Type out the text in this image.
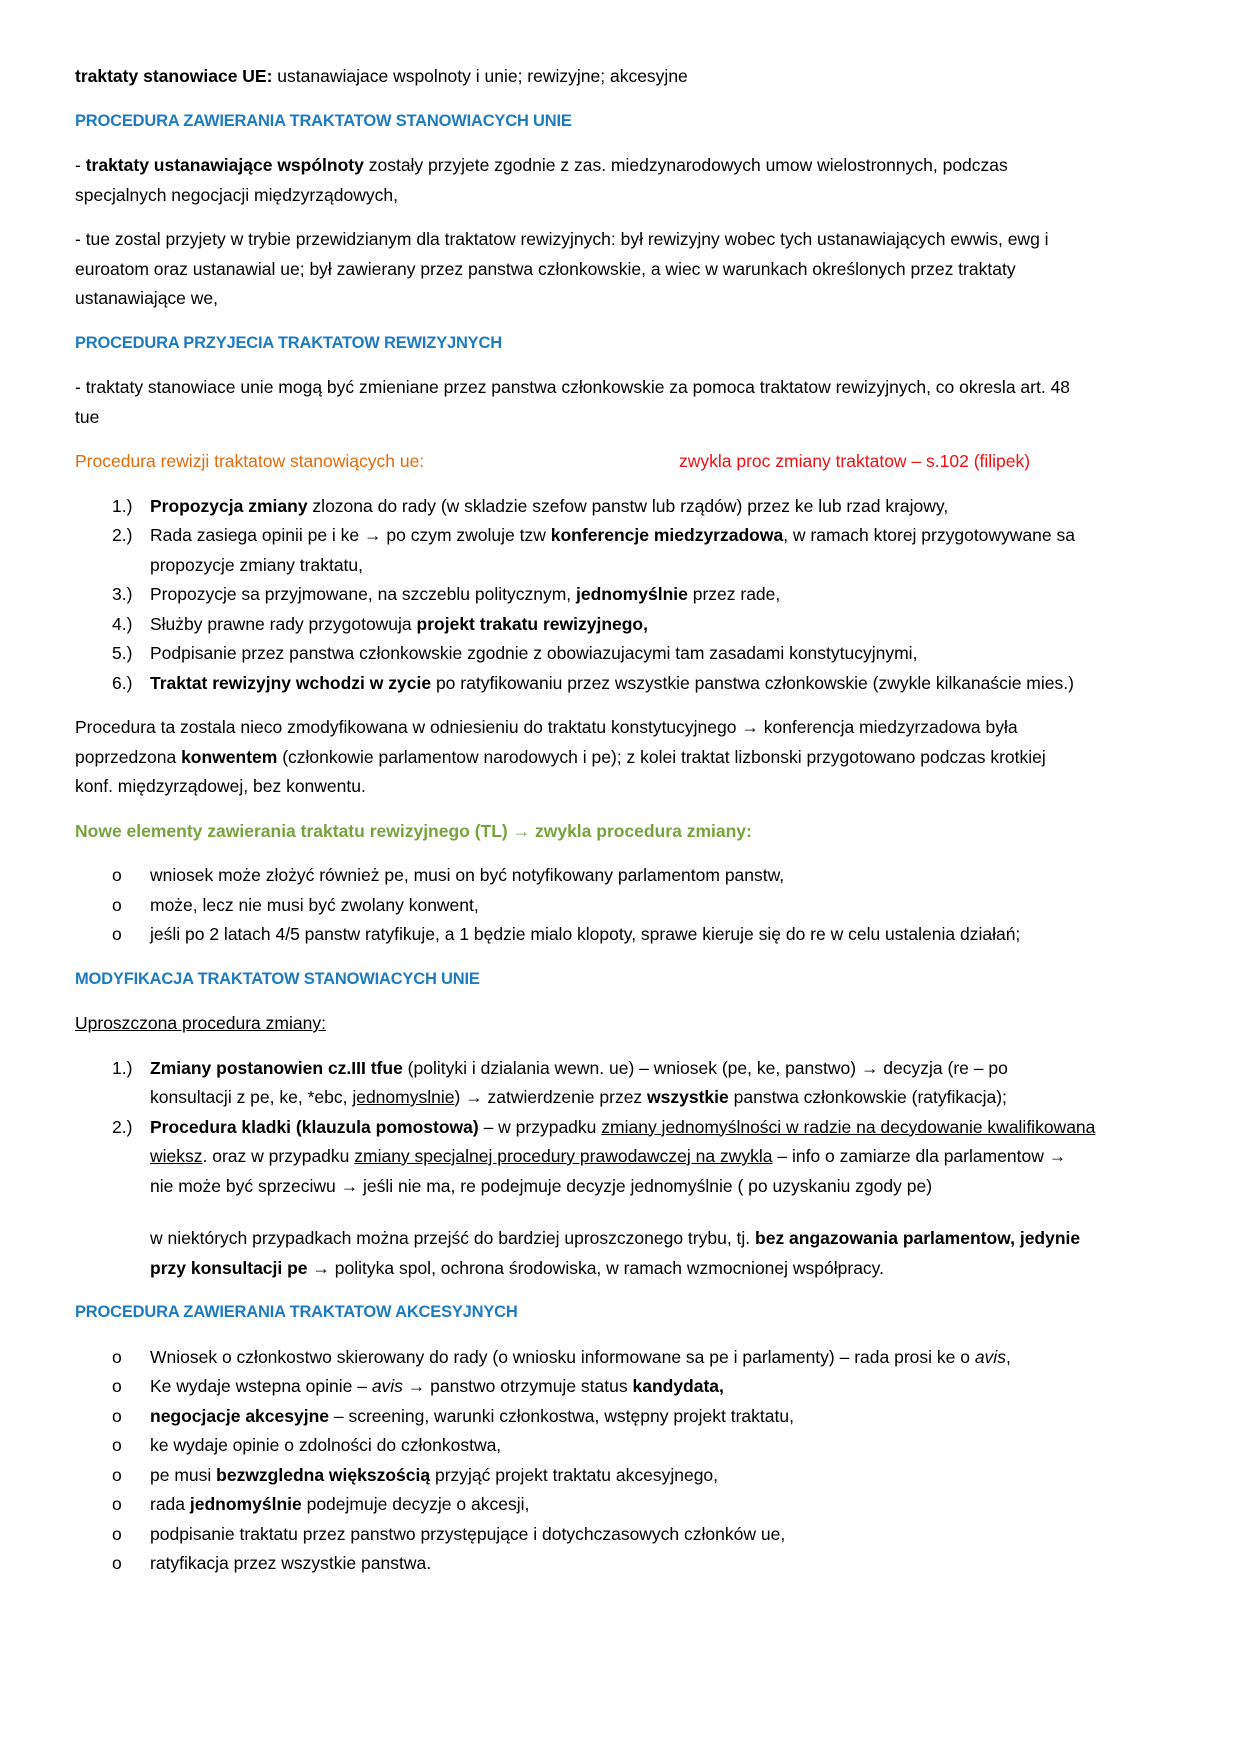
traktaty stanowiace UE: ustanawiajace wspolnoty i unie; rewizyjne; akcesyjne

PROCEDURA ZAWIERANIA TRAKTATOW STANOWIACYCH UNIE

- traktaty ustanawiające wspólnoty zostały przyjete zgodnie z zas. miedzynarodowych umow wielostronnych, podczas

specjalnych negocjacji międzyrządowych,

- tue zostal przyjety w trybie przewidzianym dla traktatow rewizyjnych: był rewizyjny wobec tych ustanawiających ewwis, ewg i

euroatom oraz ustanawial ue; był zawierany przez panstwa członkowskie, a wiec w warunkach określonych przez traktaty

ustanawiające we,

PROCEDURA PRZYJECIA TRAKTATOW REWIZYJNYCH

- traktaty stanowiace unie mogą być zmieniane przez panstwa członkowskie za pomoca traktatow rewizyjnych, co okresla art. 48

tue

Procedura rewizji traktatow stanowiących ue:	zwykla proc zmiany traktatow – s.102 (filipek)
1.)	Propozycja zmiany zlozona do rady (w skladzie szefow panstw lub rządów) przez ke lub rzad krajowy,

2.)	Rada zasiega opinii pe i ke → po czym zwoluje tzw konferencje miedzyrzadowa, w ramach ktorej przygotowywane sa

propozycje zmiany traktatu,

3.)	Propozycje sa przyjmowane, na szczeblu politycznym, jednomyślnie przez rade,

4.)	Służby prawne rady przygotowuja projekt trakatu rewizyjnego,

5.)	Podpisanie przez panstwa członkowskie zgodnie z obowiazujacymi tam zasadami konstytucyjnymi,

6.)	Traktat rewizyjny wchodzi w zycie po ratyfikowaniu przez wszystkie panstwa członkowskie (zwykle kilkanaście mies.)

Procedura ta zostala nieco zmodyfikowana w odniesieniu do traktatu konstytucyjnego → konferencja miedzyrzadowa była

poprzedzona konwentem (członkowie parlamentow narodowych i pe); z kolei traktat lizbonski przygotowano podczas krotkiej

konf. międzyrządowej, bez konwentu.

Nowe elementy zawierania traktatu rewizyjnego (TL) → zwykla procedura zmiany:

o	wniosek może złożyć również pe, musi on być notyfikowany parlamentom panstw,

o	może, lecz nie musi być zwolany konwent,

o	jeśli po 2 latach 4/5 panstw ratyfikuje, a 1 będzie mialo klopoty, sprawe kieruje się do re w celu ustalenia działań;

MODYFIKACJA TRAKTATOW STANOWIACYCH UNIE

Uproszczona procedura zmiany:

1.)	Zmiany postanowien cz.III tfue (polityki i dzialania wewn. ue) – wniosek (pe, ke, panstwo) → decyzja (re – po

konsultacji z pe, ke, *ebc, jednomyslnie) → zatwierdzenie przez wszystkie panstwa członkowskie (ratyfikacja);

2.)	Procedura kladki (klauzula pomostowa) – w przypadku zmiany jednomyślności w radzie na decydowanie kwalifikowana

wieksz. oraz w przypadku zmiany specjalnej procedury prawodawczej na zwykla – info o zamiarze dla parlamentow →

nie może być sprzeciwu → jeśli nie ma, re podejmuje decyzje jednomyślnie ( po uzyskaniu zgody pe)

w niektórych przypadkach można przejść do bardziej uproszczonego trybu, tj. bez angazowania parlamentow, jedynie

przy konsultacji pe → polityka spol, ochrona środowiska, w ramach wzmocnionej współpracy.

PROCEDURA ZAWIERANIA TRAKTATOW AKCESYJNYCH

o	Wniosek o członkostwo skierowany do rady (o wniosku informowane sa pe i parlamenty) – rada prosi ke o avis,

o	Ke wydaje wstepna opinie – avis → panstwo otrzymuje status kandydata,

o	negocjacje akcesyjne – screening, warunki członkostwa, wstępny projekt traktatu,

o	ke wydaje opinie o zdolności do członkostwa,

o	pe musi bezwzgledna większością przyjąć projekt traktatu akcesyjnego,

o	rada jednomyślnie podejmuje decyzje o akcesji,

o	podpisanie traktatu przez panstwo przystępujące i dotychczasowych członków ue,

o	ratyfikacja przez wszystkie panstwa.
